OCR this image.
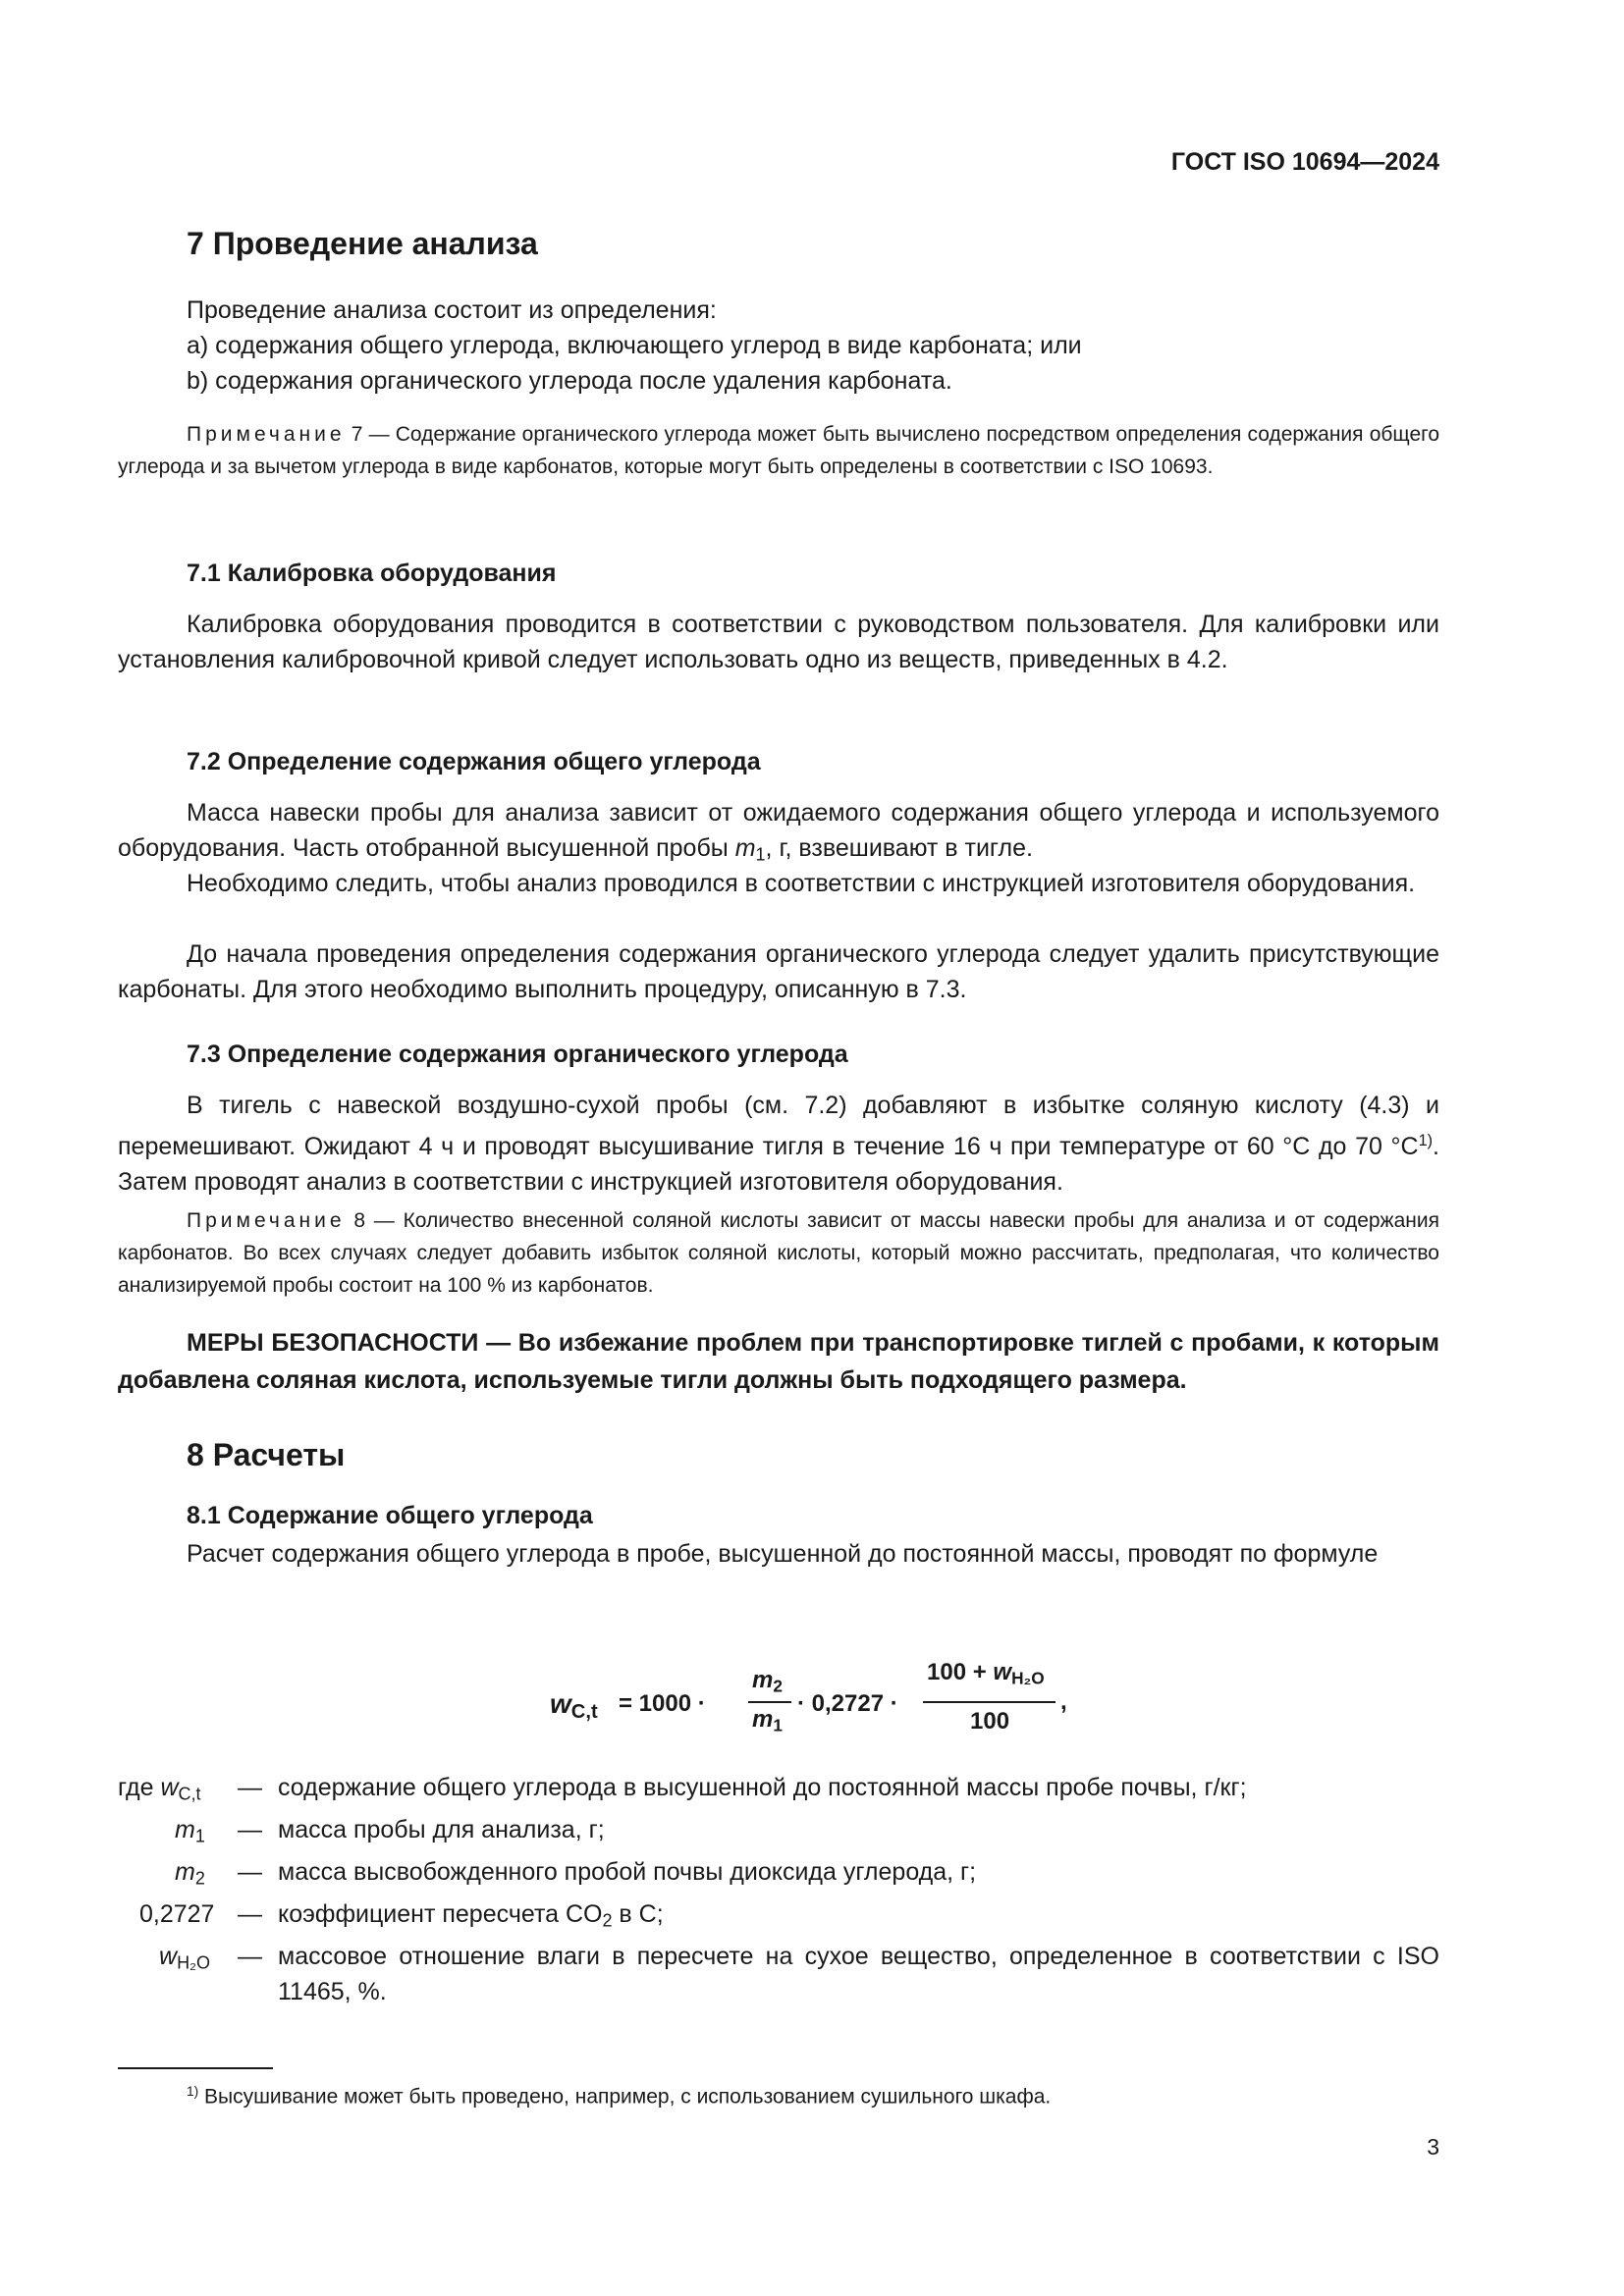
ГОСТ ISO 10694—2024
7 Проведение анализа
Проведение анализа состоит из определения:
a) содержания общего углерода, включающего углерод в виде карбоната; или
b) содержания органического углерода после удаления карбоната.
Примечание 7 — Содержание органического углерода может быть вычислено посредством определения содержания общего углерода и за вычетом углерода в виде карбонатов, которые могут быть определены в соответствии с ISO 10693.
7.1 Калибровка оборудования
Калибровка оборудования проводится в соответствии с руководством пользователя. Для калибровки или установления калибровочной кривой следует использовать одно из веществ, приведенных в 4.2.
7.2 Определение содержания общего углерода
Масса навески пробы для анализа зависит от ожидаемого содержания общего углерода и используемого оборудования. Часть отобранной высушенной пробы $m_1$, г, взвешивают в тигле.
Необходимо следить, чтобы анализ проводился в соответствии с инструкцией изготовителя оборудования.
До начала проведения определения содержания органического углерода следует удалить присутствующие карбонаты. Для этого необходимо выполнить процедуру, описанную в 7.3.
7.3 Определение содержания органического углерода
В тигель с навеской воздушно-сухой пробы (см. 7.2) добавляют в избытке соляную кислоту (4.3) и перемешивают. Ожидают 4 ч и проводят высушивание тигля в течение 16 ч при температуре от 60 °C до 70 $^\circ C^{1)}$. Затем проводят анализ в соответствии с инструкцией изготовителя оборудования.
Примечание 8 — Количество внесенной соляной кислоты зависит от массы навески пробы для анализа и от содержания карбонатов. Во всех случаях следует добавить избыток соляной кислоты, который можно рассчитать, предполагая, что количество анализируемой пробы состоит на 100 % из карбонатов.
МЕРЫ БЕЗОПАСНОСТИ — Во избежание проблем при транспортировке тиглей с пробами, к которым добавлена соляная кислота, используемые тигли должны быть подходящего размера.
8 Расчеты
8.1 Содержание общего углерода
Расчет содержания общего углерода в пробе, высушенной до постоянной массы, проводят по формуле
$w_{C,t} = 1000$ ·
$m_2$
$m_1$
· 0,2727 ·
$100 + w_{H_2O}$
100
,
где $w_{C,t}$ — содержание общего углерода в высушенной до постоянной массы пробе почвы, г/кг;
$m_1$ — масса пробы для анализа, г;
$m_2$ — масса высвобожденного пробой почвы диоксида углерода, г;
0,2727 — коэффициент пересчета $CO_2$ в C;
$w_{H_2O}$ — массовое отношение влаги в пересчете на сухое вещество, определенное в соответствии с ISO 11465, %.
$^{1)}$ Высушивание может быть проведено, например, с использованием сушильного шкафа.
3
